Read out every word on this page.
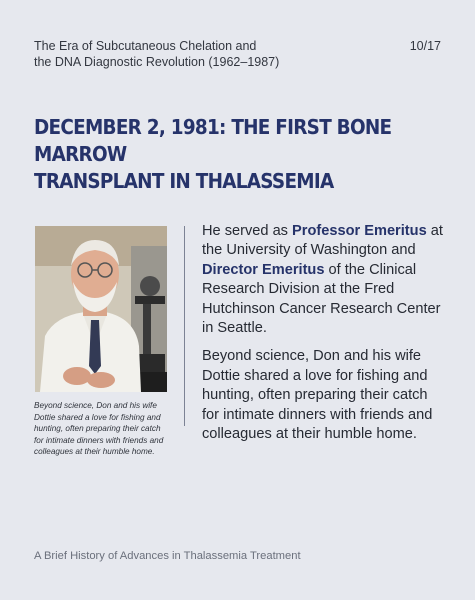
The Era of Subcutaneous Chelation and
the DNA Diagnostic Revolution (1962–1987)
10/17
DECEMBER 2, 1981: THE FIRST BONE MARROW
TRANSPLANT IN THALASSEMIA
Beyond science, Don and his wife Dottie shared a love for fishing and hunting, often preparing their catch for intimate dinners with friends and colleagues at their humble home.

He served as Professor Emeritus at the University of Washington and Director Emeritus of the Clinical Research Division at the Fred Hutchinson Cancer Research Center in Seattle.

Beyond science, Don and his wife Dottie shared a love for fishing and hunting, often preparing their catch for intimate dinners with friends and colleagues at their humble home.

A Brief History of Advances in Thalassemia Treatment
